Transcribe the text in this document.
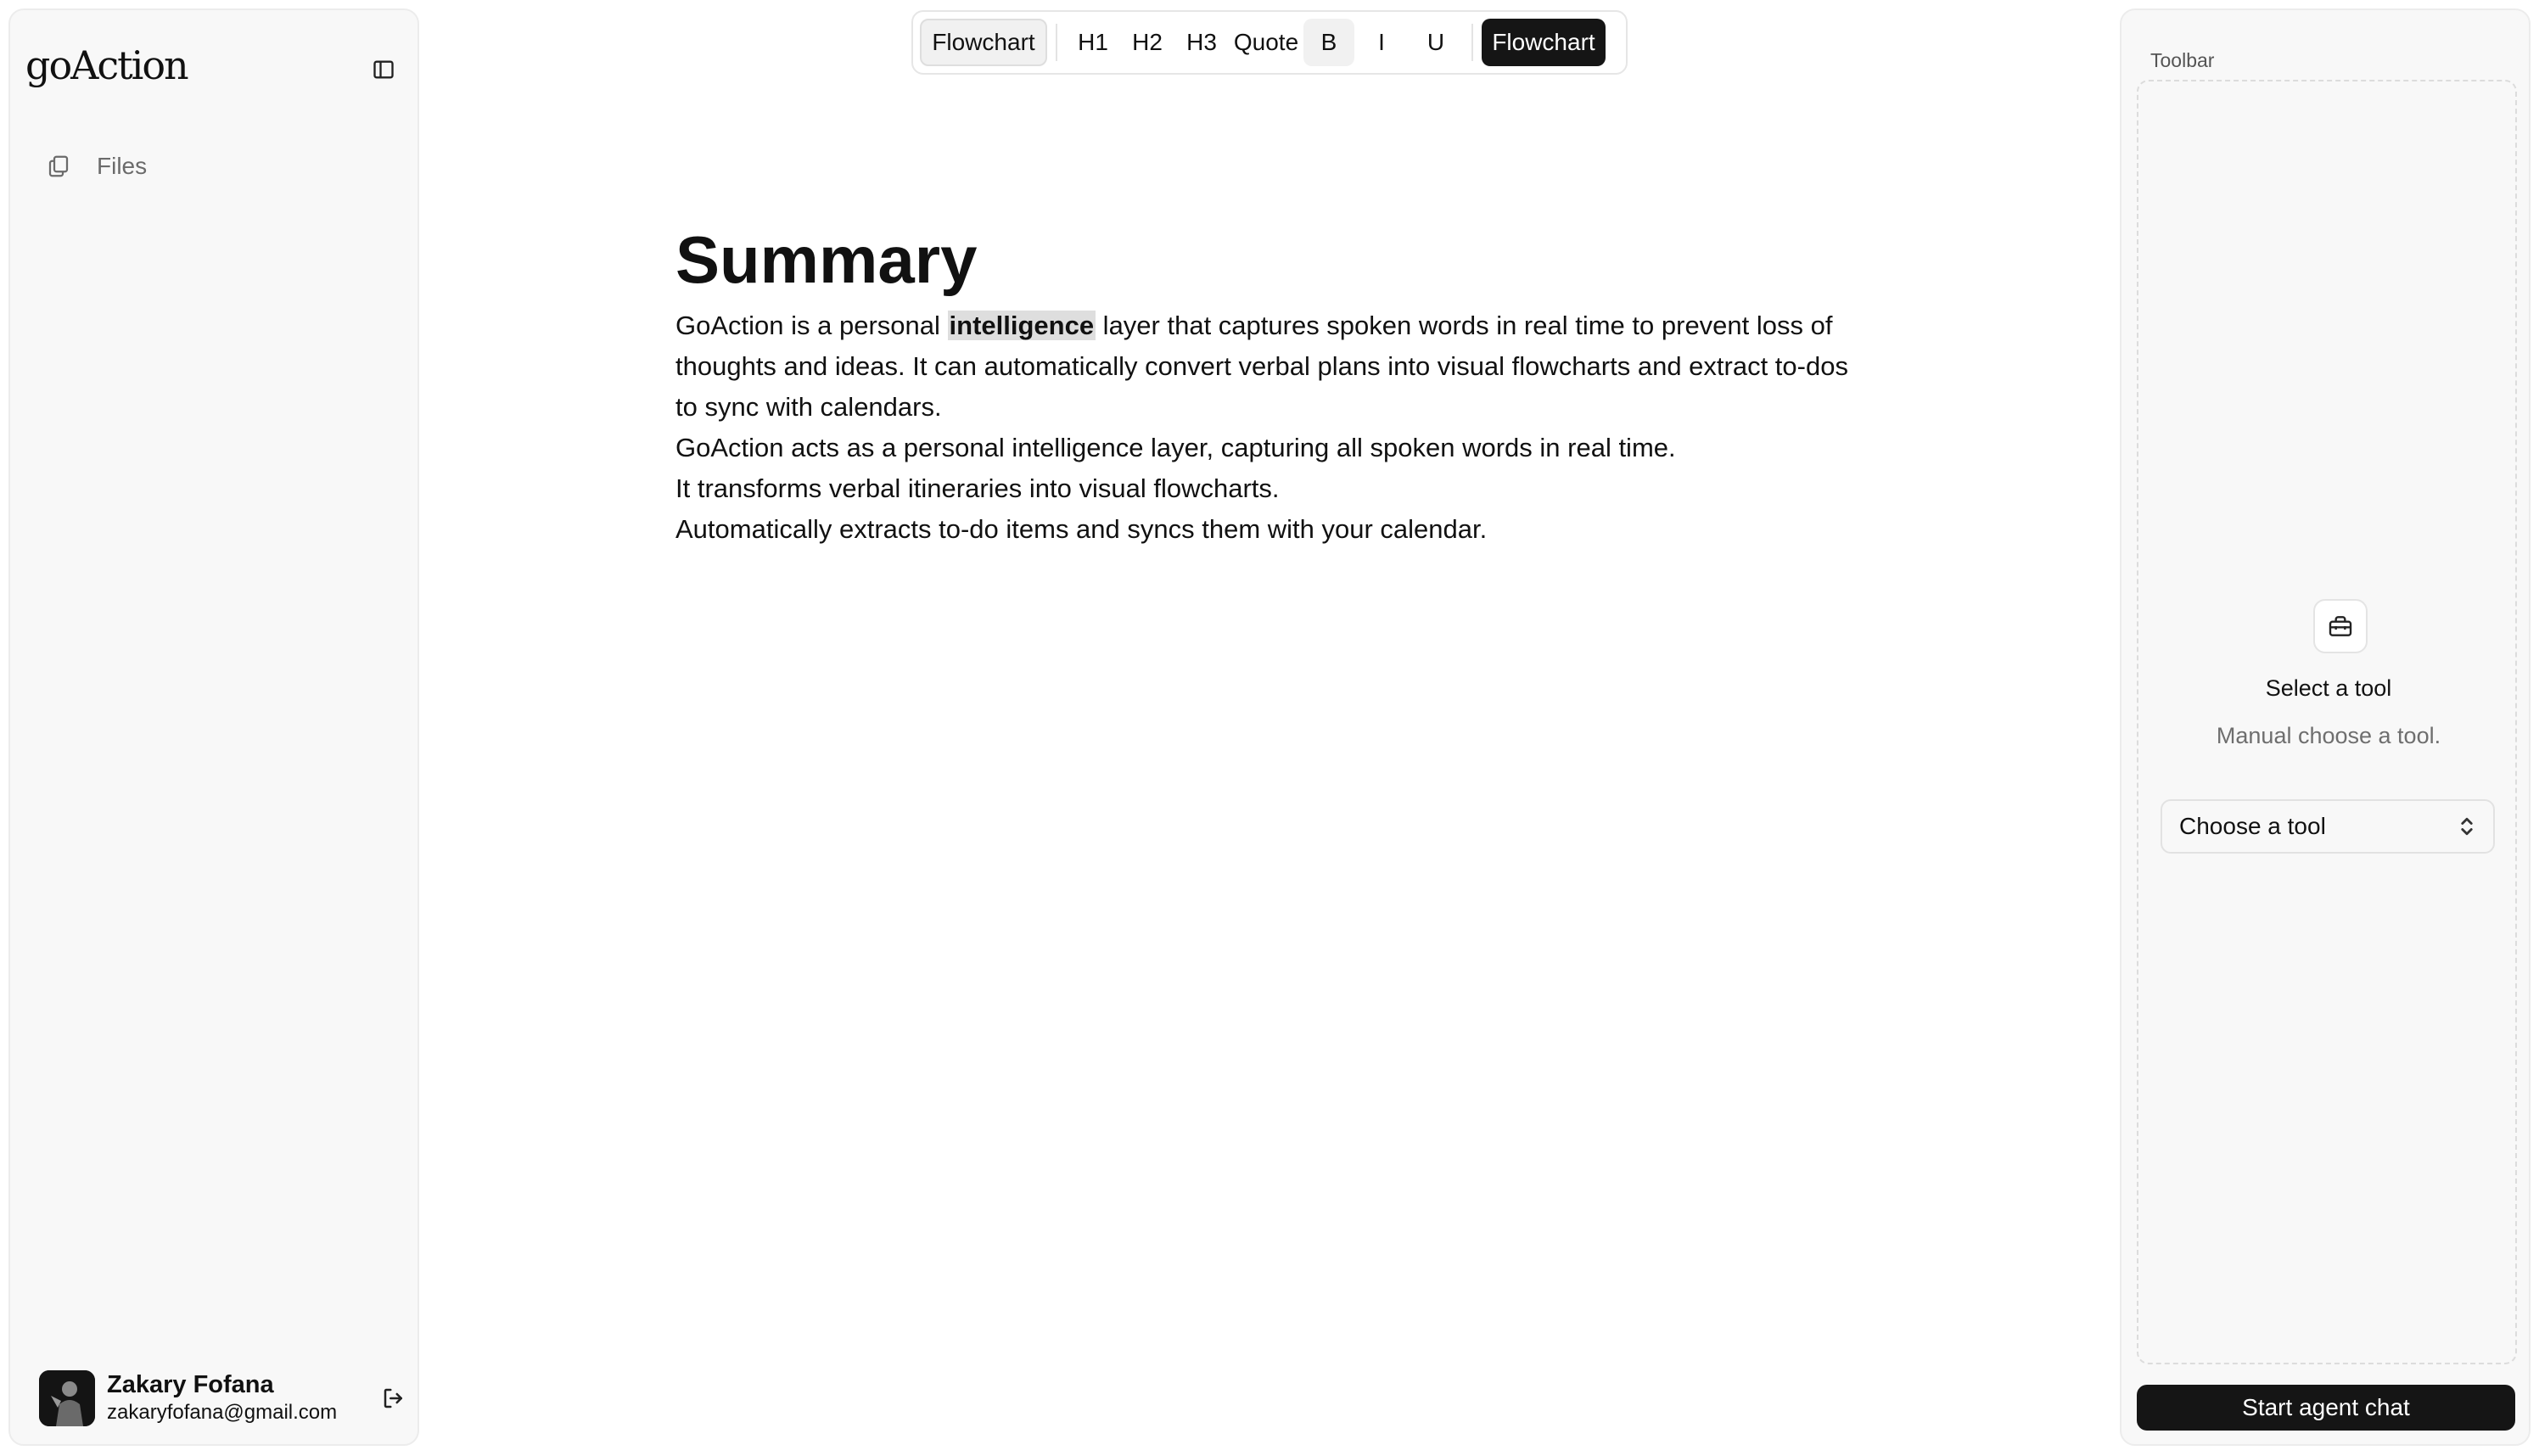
goAction
Files
Zakary Fofana
zakaryfofana@gmail.com
Flowchart	H1	H2	H3 Quote B	I	U	Flowchart
Summary

GoAction is a personal intelligence layer that captures spoken words in real time to prevent loss of thoughts and ideas. It can automatically convert verbal plans into visual flowcharts and extract to-dos to sync with calendars.

GoAction acts as a personal intelligence layer, capturing all spoken words in real time.

It transforms verbal itineraries into visual flowcharts.

Automatically extracts to-do items and syncs them with your calendar.

Toolbar
Select a tool
Manual choose a tool.
Choose a tool
Start agent chat
